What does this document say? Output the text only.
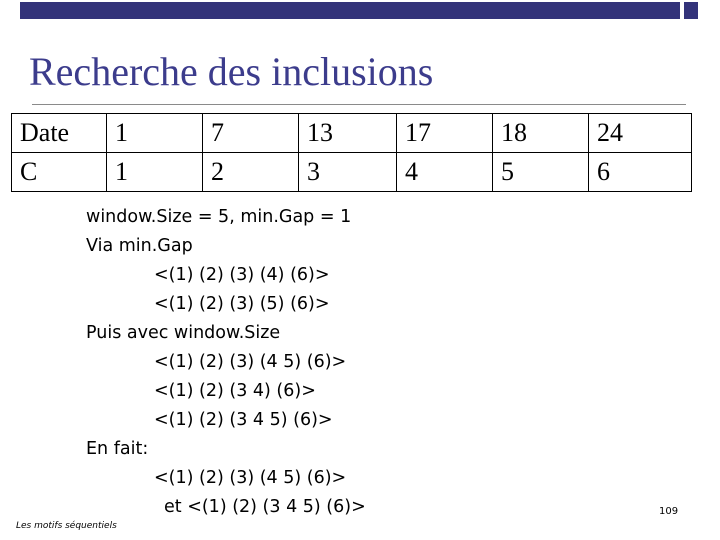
Recherche des inclusions
Date	1	7	13	17	18	24
C	1	2	3	4	5	6
window.Size = 5, min.Gap = 1
Via min.Gap
<(1) (2) (3) (4) (6)>
<(1) (2) (3) (5) (6)>
Puis avec window.Size
<(1) (2) (3) (4 5) (6)>
<(1) (2) (3 4) (6)>
<(1) (2) (3 4 5) (6)>
En fait:
<(1) (2) (3) (4 5) (6)>
et <(1) (2) (3 4 5) (6)>
Les motifs séquentiels
109
